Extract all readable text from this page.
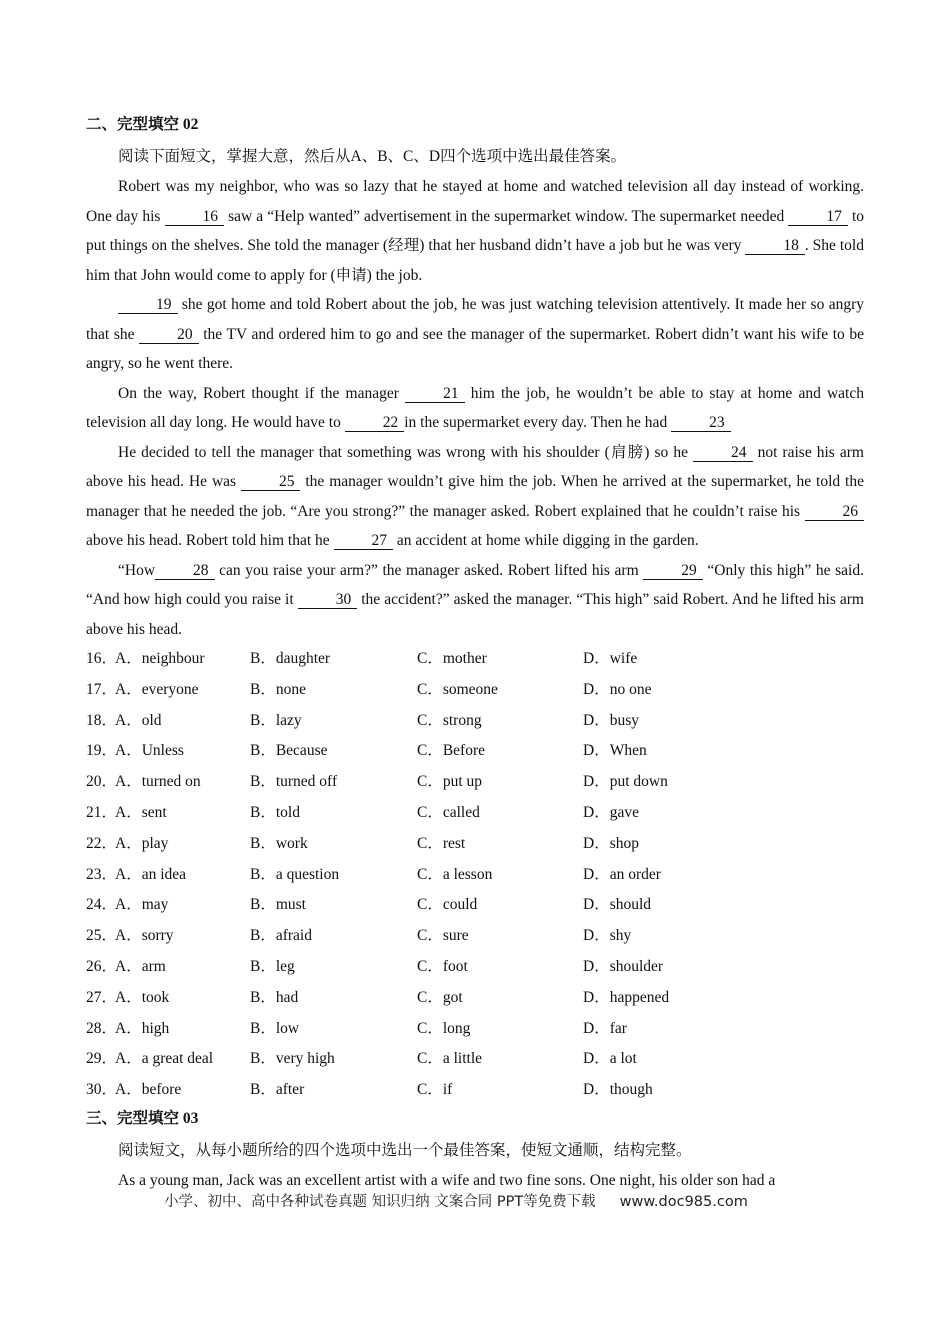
二、完型填空 02

阅读下面短文，掌握大意，然后从A、B、C、D四个选项中选出最佳答案。

Robert was my neighbor, who was so lazy that he stayed at home and watched television all day instead of working. One day his 16 saw a “Help wanted” advertisement in the supermarket window. The supermarket needed 17 to put things on the shelves. She told the manager (经理) that her husband didn’t have a job but he was very 18 . She told him that John would come to apply for (申请) the job.

19 she got home and told Robert about the job, he was just watching television attentively. It made her so angry that she 20 the TV and ordered him to go and see the manager of the supermarket. Robert didn’t want his wife to be angry, so he went there.

On the way, Robert thought if the manager 21 him the job, he wouldn’t be able to stay at home and watch television all day long. He would have to 22 in the supermarket every day. Then he had 23

He decided to tell the manager that something was wrong with his shoulder (肩膀) so he 24 not raise his arm above his head. He was 25 the manager wouldn’t give him the job. When he arrived at the supermarket, he told the manager that he needed the job. “Are you strong?” the manager asked. Robert explained that he couldn’t raise his 26 above his head. Robert told him that he 27 an accident at home while digging in the garden.

“How 28 can you raise your arm?” the manager asked. Robert lifted his arm 29 “Only this high” he said. “And how high could you raise it 30 the accident?” asked the manager. “This high” said Robert. And he lifted his arm above his head.

16．
A．neighbour	B．daughter	C．mother	D．wife
17．
A．everyone	B．none	C．someone	D．no one
18．
A．old	B．lazy	C．strong	D．busy
19．
A．Unless	B．Because	C．Before	D．When
20．
A．turned on	B．turned off	C．put up	D．put down
21．
A．sent	B．told	C．called	D．gave
22．
A．play	B．work	C．rest	D．shop
23．
A．an idea	B．a question	C．a lesson	D．an order
24．
A．may	B．must	C．could	D．should
25．
A．sorry	B．afraid	C．sure	D．shy
26．
A．arm	B．leg	C．foot	D．shoulder
27．
A．took	B．had	C．got	D．happened
28．
A．high	B．low	C．long	D．far
29．
A．a great deal B．very high	C．a little	D．a lot
30．
A．before	B．after	C．if	D．though
三、完型填空 03

阅读短文，从每小题所给的四个选项中选出一个最佳答案，使短文通顺，结构完整。

As a young man, Jack was an excellent artist with a wife and two fine sons. One night, his older son had a

小学、初中、高中各种试卷真题 知识归纳 文案合同 PPT等免费下载 www.doc985.com
